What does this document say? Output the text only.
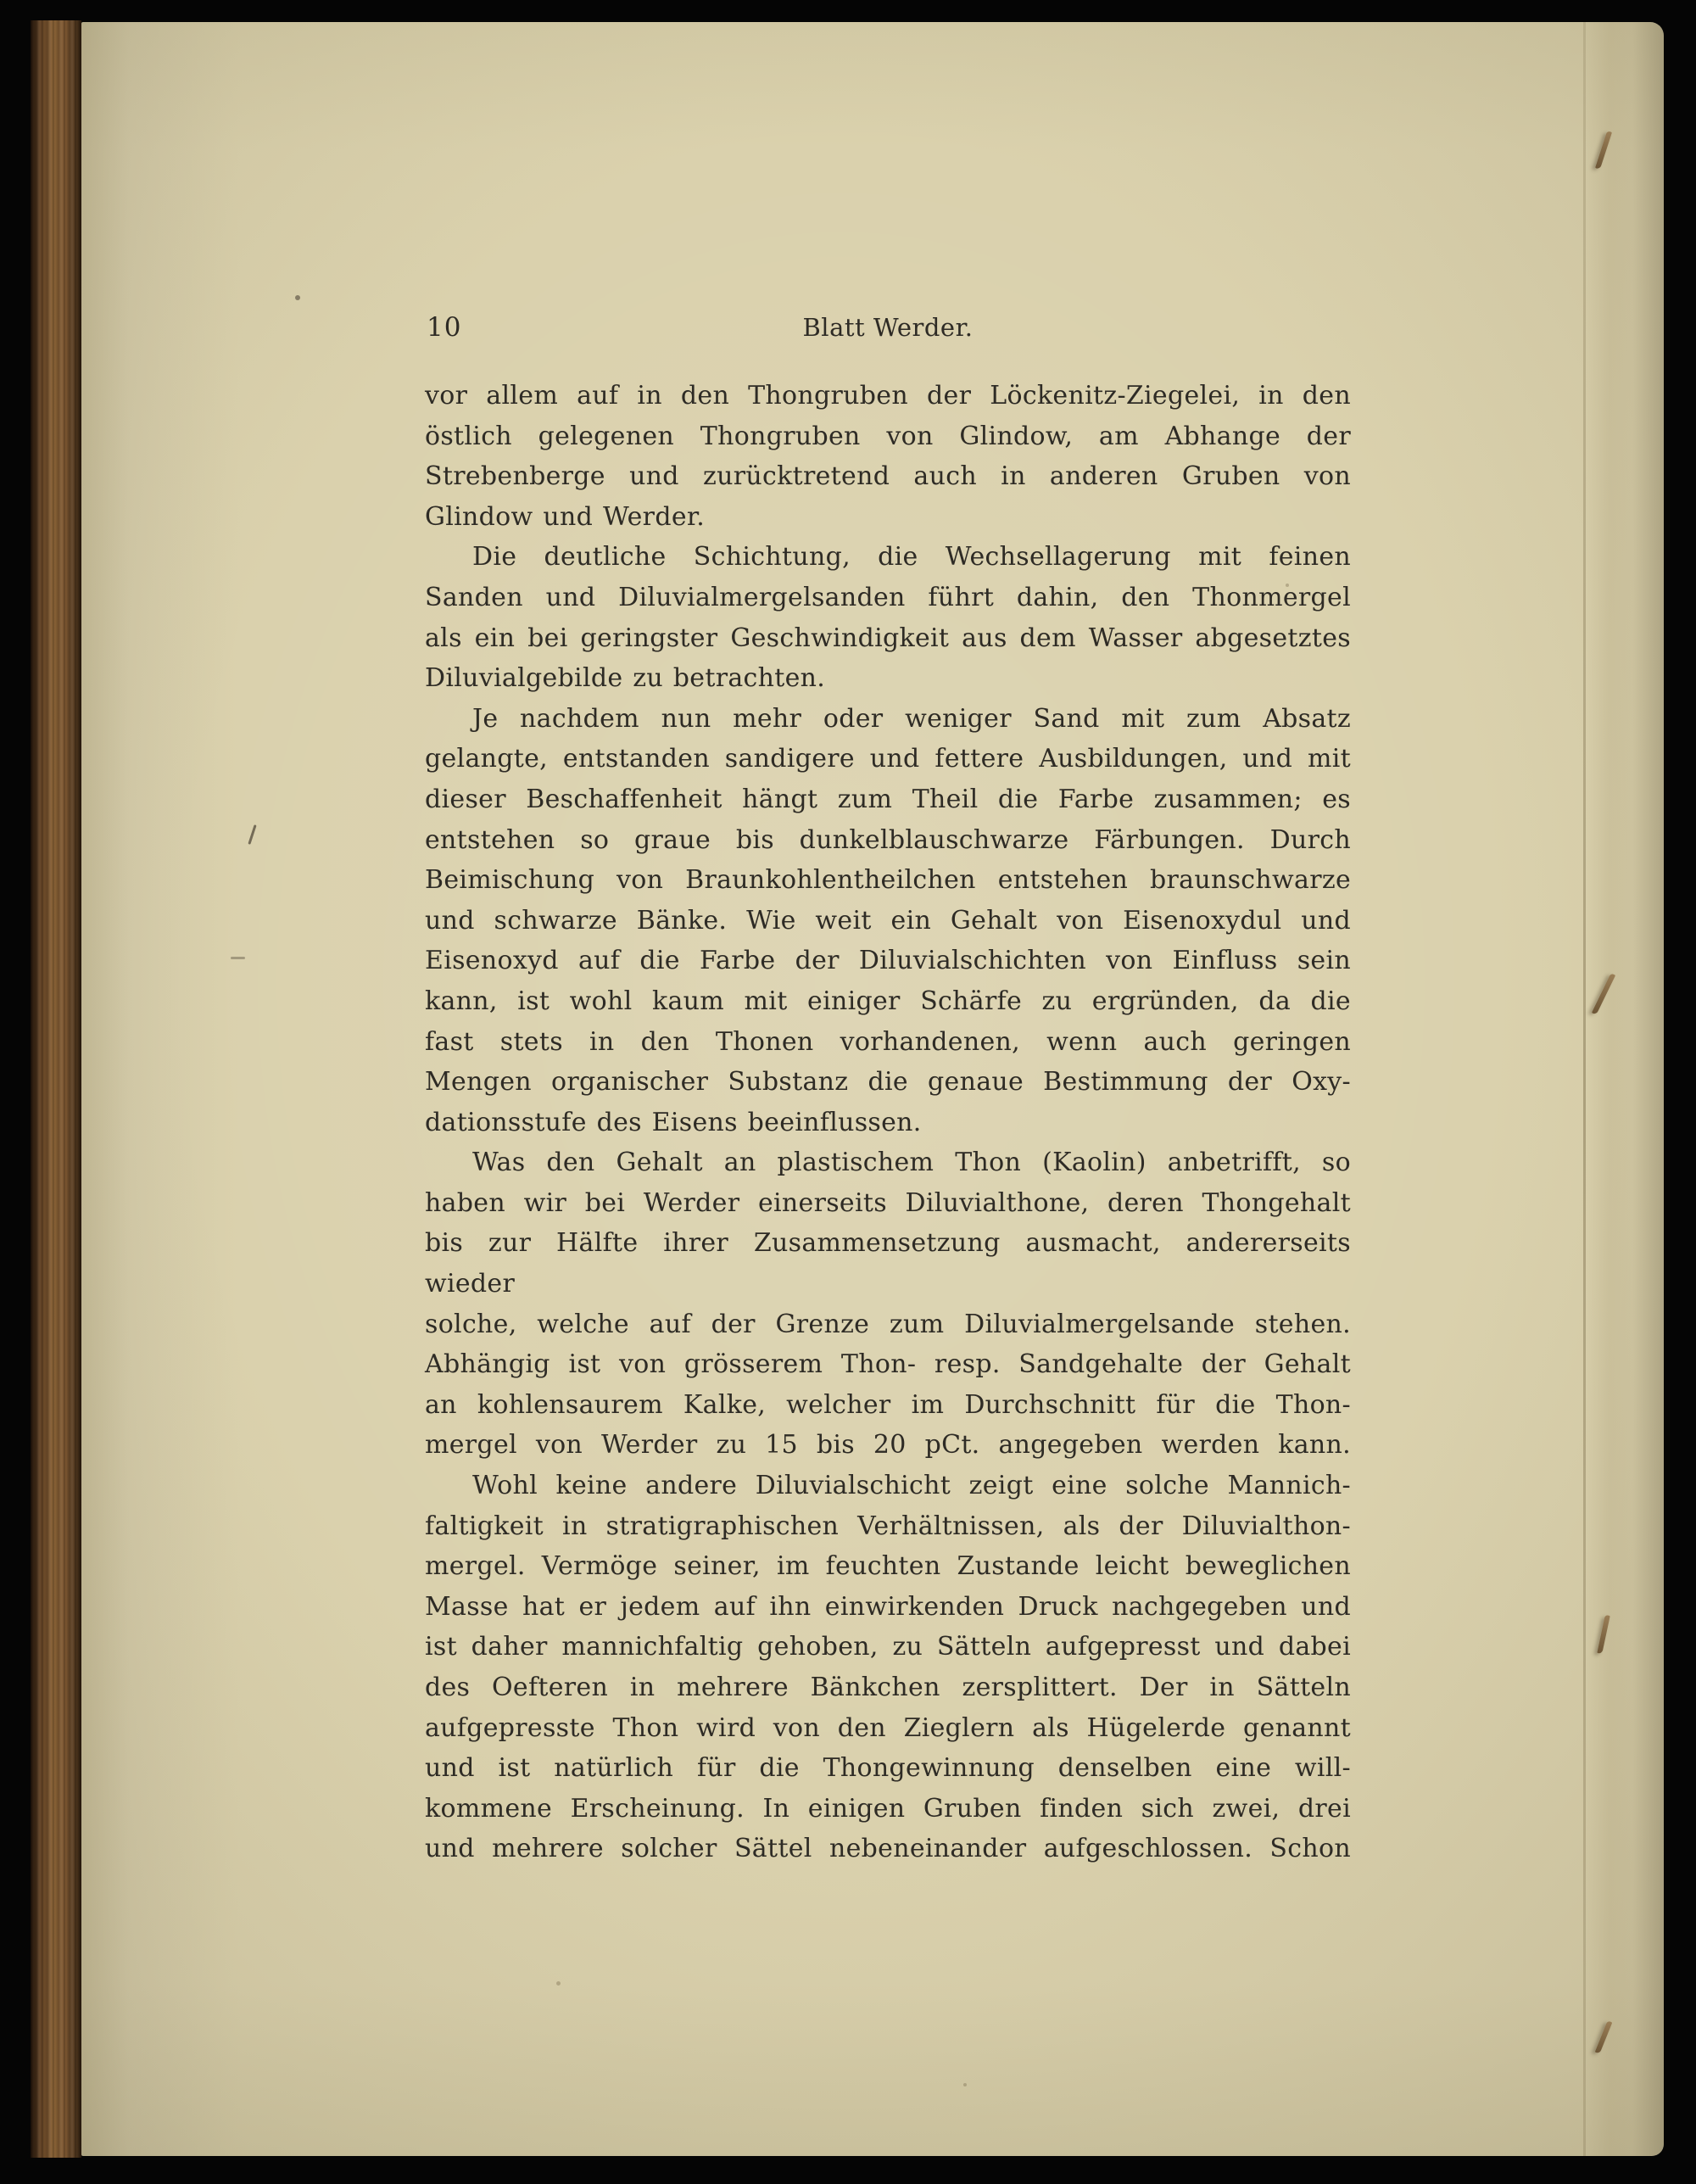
10	Blatt Werder.
vor allem auf in den Thongruben der Löckenitz-Ziegelei, in den
östlich gelegenen Thongruben von Glindow, am Abhange der
Strebenberge und zurücktretend auch in anderen Gruben von
Glindow und Werder.
Die deutliche Schichtung, die Wechsellagerung mit feinen
Sanden und Diluvialmergelsanden führt dahin, den Thonmergel
als ein bei geringster Geschwindigkeit aus dem Wasser abgesetztes
Diluvialgebilde zu betrachten.
Je nachdem nun mehr oder weniger Sand mit zum Absatz
gelangte, entstanden sandigere und fettere Ausbildungen, und mit
dieser Beschaffenheit hängt zum Theil die Farbe zusammen; es
entstehen so graue bis dunkelblauschwarze Färbungen. Durch
Beimischung von Braunkohlentheilchen entstehen braunschwarze
und schwarze Bänke. Wie weit ein Gehalt von Eisenoxydul und
Eisenoxyd auf die Farbe der Diluvialschichten von Einfluss sein
kann, ist wohl kaum mit einiger Schärfe zu ergründen, da die
fast stets in den Thonen vorhandenen, wenn auch geringen
Mengen organischer Substanz die genaue Bestimmung der Oxy-
dationsstufe des Eisens beeinflussen.
Was den Gehalt an plastischem Thon (Kaolin) anbetrifft, so
haben wir bei Werder einerseits Diluvialthone, deren Thongehalt
bis zur Hälfte ihrer Zusammensetzung ausmacht, andererseits wieder
solche, welche auf der Grenze zum Diluvialmergelsande stehen.
Abhängig ist von grösserem Thon- resp. Sandgehalte der Gehalt
an kohlensaurem Kalke, welcher im Durchschnitt für die Thon-
mergel von Werder zu 15 bis 20 pCt. angegeben werden kann.
Wohl keine andere Diluvialschicht zeigt eine solche Mannich-
faltigkeit in stratigraphischen Verhältnissen, als der Diluvialthon-
mergel. Vermöge seiner, im feuchten Zustande leicht beweglichen
Masse hat er jedem auf ihn einwirkenden Druck nachgegeben und
ist daher mannichfaltig gehoben, zu Sätteln aufgepresst und dabei
des Oefteren in mehrere Bänkchen zersplittert. Der in Sätteln
aufgepresste Thon wird von den Zieglern als Hügelerde genannt
und ist natürlich für die Thongewinnung denselben eine will-
kommene Erscheinung. In einigen Gruben finden sich zwei, drei
und mehrere solcher Sättel nebeneinander aufgeschlossen. Schon
